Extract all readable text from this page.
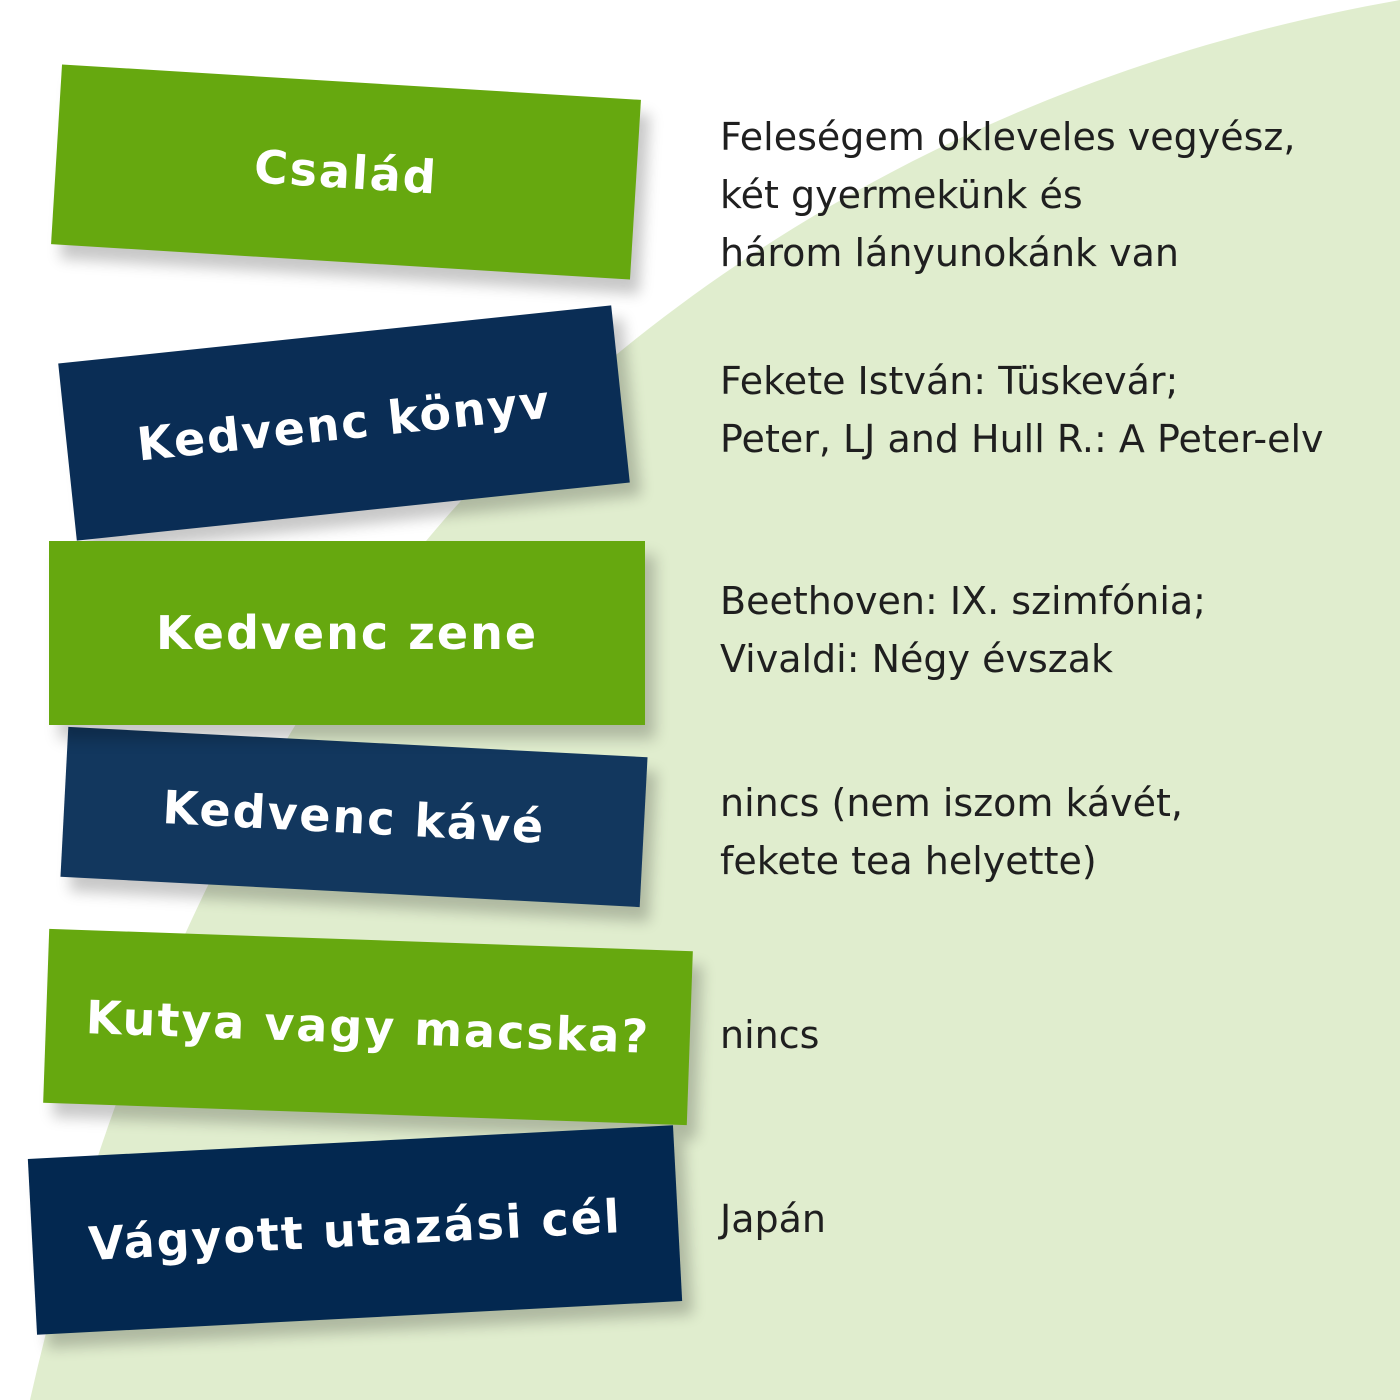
Család
Feleségem okleveles vegyész,
két gyermekünk és
három lányunokánk van
Kedvenc könyv	Fekete István: Tüskevár;
Peter, LJ and Hull R.: A Peter-elv
Kedvenc kávé
Kedvenc zene
Beethoven: IX. szimfónia;
Vivaldi: Négy évszak
nincs (nem iszom kávét,
fekete tea helyette)
Kutya vagy macska? nincs
Vágyott utazási cél	Japán
